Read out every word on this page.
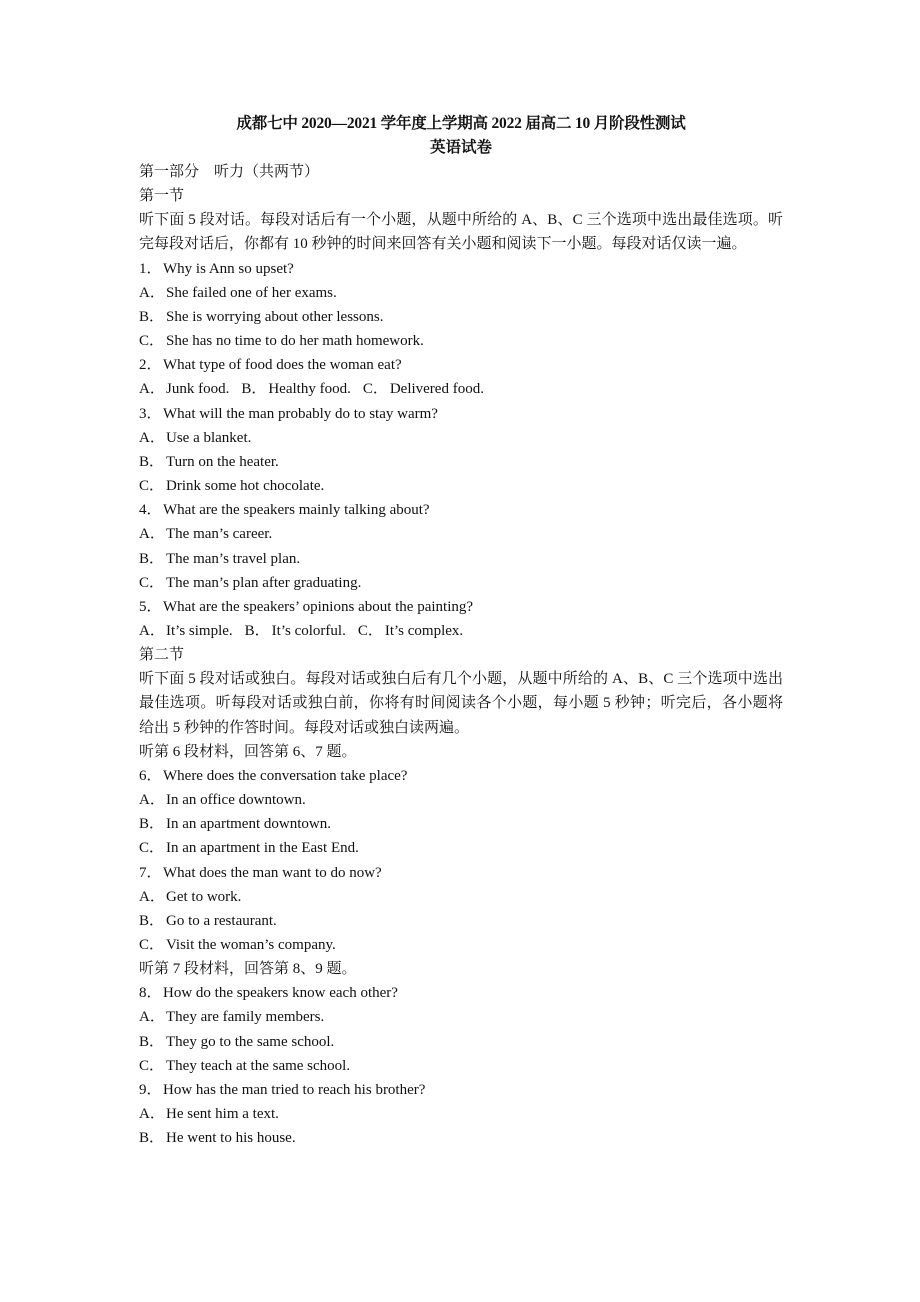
成都七中 2020—2021 学年度上学期高 2022 届高二 10 月阶段性测试

英语试卷

第一部分 听力（共两节）

第一节

听下面 5 段对话。每段对话后有一个小题，从题中所给的 A、B、C 三个选项中选出最佳选项。听完每段对话后，你都有 10 秒钟的时间来回答有关小题和阅读下一小题。每段对话仅读一遍。

1．Why is Ann so upset?

A．She failed one of her exams.

B． She is worrying about other lessons.

C． She has no time to do her math homework.

2．What type of food does the woman eat?

A．Junk food. B． Healthy food. C． Delivered food.

3．What will the man probably do to stay warm?

A．Use a blanket.

B． Turn on the heater.

C． Drink some hot chocolate.

4．What are the speakers mainly talking about?

A．The man’s career.

B． The man’s travel plan.

C． The man’s plan after graduating.

5．What are the speakers’ opinions about the painting?

A．It’s simple. B． It’s colorful. C． It’s complex.

第二节

听下面 5 段对话或独白。每段对话或独白后有几个小题，从题中所给的 A、B、C 三个选项中选出最佳选项。听每段对话或独白前，你将有时间阅读各个小题，每小题 5 秒钟；听完后，各小题将给出 5 秒钟的作答时间。每段对话或独白读两遍。

听第 6 段材料，回答第 6、7 题。

6．Where does the conversation take place?

A．In an office downtown.

B． In an apartment downtown.

C． In an apartment in the East End.

7．What does the man want to do now?

A．Get to work.

B． Go to a restaurant.

C． Visit the woman’s company.

听第 7 段材料，回答第 8、9 题。

8．How do the speakers know each other?

A．They are family members.

B． They go to the same school.

C． They teach at the same school.

9．How has the man tried to reach his brother?

A．He sent him a text.

B． He went to his house.
